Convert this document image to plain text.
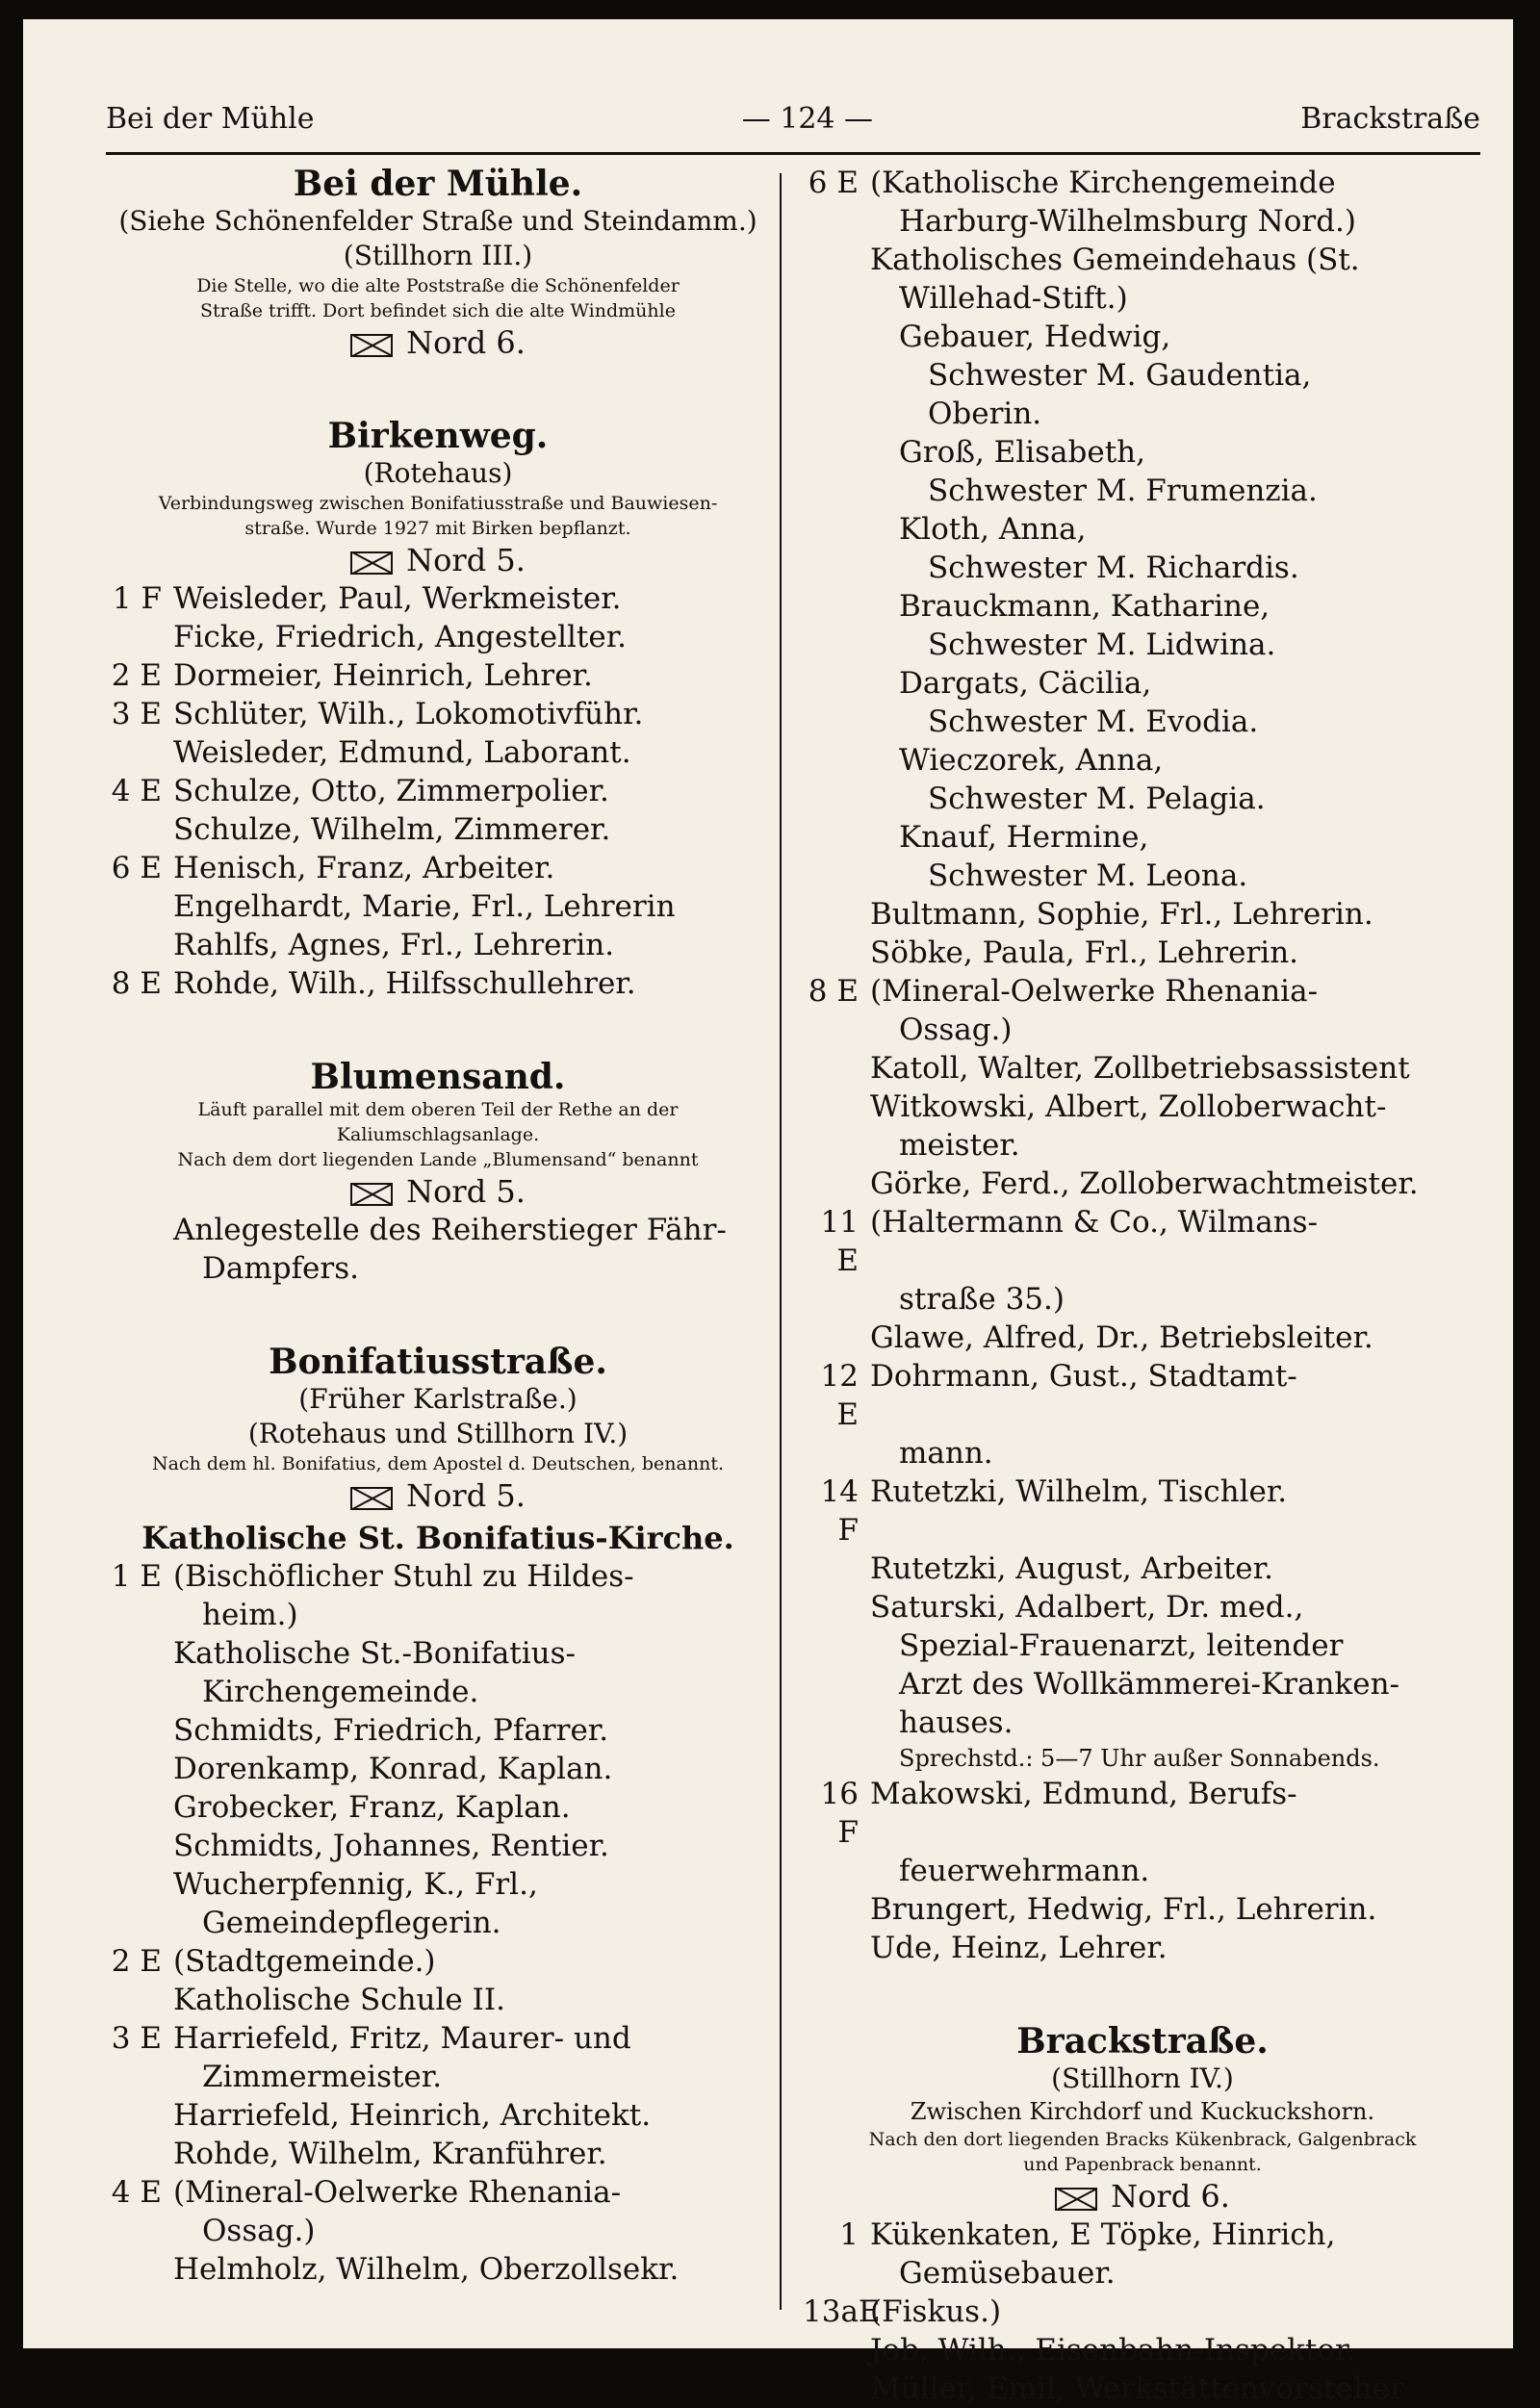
Bei der Mühle	— 124 —	Brackstraße

Bei der Mühle.

(Siehe Schönenfelder Straße und Steindamm.)

(Stillhorn III.)

Die Stelle, wo die alte Poststraße die Schönenfelder

Straße trifft. Dort befindet sich die alte Windmühle

Nord 6.

Birkenweg.

(Rotehaus)

Verbindungsweg zwischen Bonifatiusstraße und Bauwiesen-

straße. Wurde 1927 mit Birken bepflanzt.

Nord 5.

1 F Weisleder, Paul, Werkmeister.
Ficke, Friedrich, Angestellter.
2 E Dormeier, Heinrich, Lehrer.
3 E Schlüter, Wilh., Lokomotivführ.
Weisleder, Edmund, Laborant.
4 E Schulze, Otto, Zimmerpolier.
Schulze, Wilhelm, Zimmerer.
6 E Henisch, Franz, Arbeiter.
Engelhardt, Marie, Frl., Lehrerin
Rahlfs, Agnes, Frl., Lehrerin.
8 E Rohde, Wilh., Hilfsschullehrer.

Blumensand.

Läuft parallel mit dem oberen Teil der Rethe an der

Kaliumschlagsanlage.

Nach dem dort liegenden Lande „Blumensand“ benannt

Nord 5.

Anlegestelle des Reiherstieger Fähr-
Dampfers.

Bonifatiusstraße.

(Früher Karlstraße.)

(Rotehaus und Stillhorn IV.)

Nach dem hl. Bonifatius, dem Apostel d. Deutschen, benannt.

Nord 5.

Katholische St. Bonifatius-Kirche.

1 E (Bischöflicher Stuhl zu Hildes-
heim.)
Katholische St.-Bonifatius-
Kirchengemeinde.
Schmidts, Friedrich, Pfarrer.
Dorenkamp, Konrad, Kaplan.
Grobecker, Franz, Kaplan.
Schmidts, Johannes, Rentier.
Wucherpfennig, K., Frl.,
Gemeindepflegerin.
2 E (Stadtgemeinde.)
Katholische Schule II.
3 E Harriefeld, Fritz, Maurer- und
Zimmermeister.
Harriefeld, Heinrich, Architekt.
Rohde, Wilhelm, Kranführer.
4 E (Mineral-Oelwerke Rhenania-
Ossag.)
Helmholz, Wilhelm, Oberzollsekr.
6 E (Katholische Kirchengemeinde
Harburg-Wilhelmsburg Nord.)
Katholisches Gemeindehaus (St.
Willehad-Stift.)
Gebauer, Hedwig,
Schwester M. Gaudentia,
Oberin.
Groß, Elisabeth,
Schwester M. Frumenzia.
Kloth, Anna,
Schwester M. Richardis.
Brauckmann, Katharine,
Schwester M. Lidwina.
Dargats, Cäcilia,
Schwester M. Evodia.
Wieczorek, Anna,
Schwester M. Pelagia.
Knauf, Hermine,
Schwester M. Leona.
Bultmann, Sophie, Frl., Lehrerin.
Söbke, Paula, Frl., Lehrerin.
8 E (Mineral-Oelwerke Rhenania-
Ossag.)
Katoll, Walter, Zollbetriebsassistent
Witkowski, Albert, Zolloberwacht-
meister.
Görke, Ferd., Zolloberwachtmeister.
11 E
(Haltermann & Co., Wilmans-
straße 35.)
Glawe, Alfred, Dr., Betriebsleiter.
12 E
Dohrmann, Gust., Stadtamt-
mann.
14 F
Rutetzki, Wilhelm, Tischler.
Rutetzki, August, Arbeiter.
Saturski, Adalbert, Dr. med.,
Spezial-Frauenarzt, leitender
Arzt des Wollkämmerei-Kranken-
hauses.
Sprechstd.: 5—7 Uhr außer Sonnabends.
16 F
Makowski, Edmund, Berufs-
feuerwehrmann.
Brungert, Hedwig, Frl., Lehrerin.
Ude, Heinz, Lehrer.

Brackstraße.

(Stillhorn IV.)

Zwischen Kirchdorf und Kuckuckshorn.

Nach den dort liegenden Bracks Kükenbrack, Galgenbrack

und Papenbrack benannt.

Nord 6.

1 Kükenkaten, E Töpke, Hinrich,
Gemüsebauer.
13aE
(Fiskus.)
Job, Wilh., Eisenbahn-Inspektor.
Müller, Emil, Werkstättenvorsteher
